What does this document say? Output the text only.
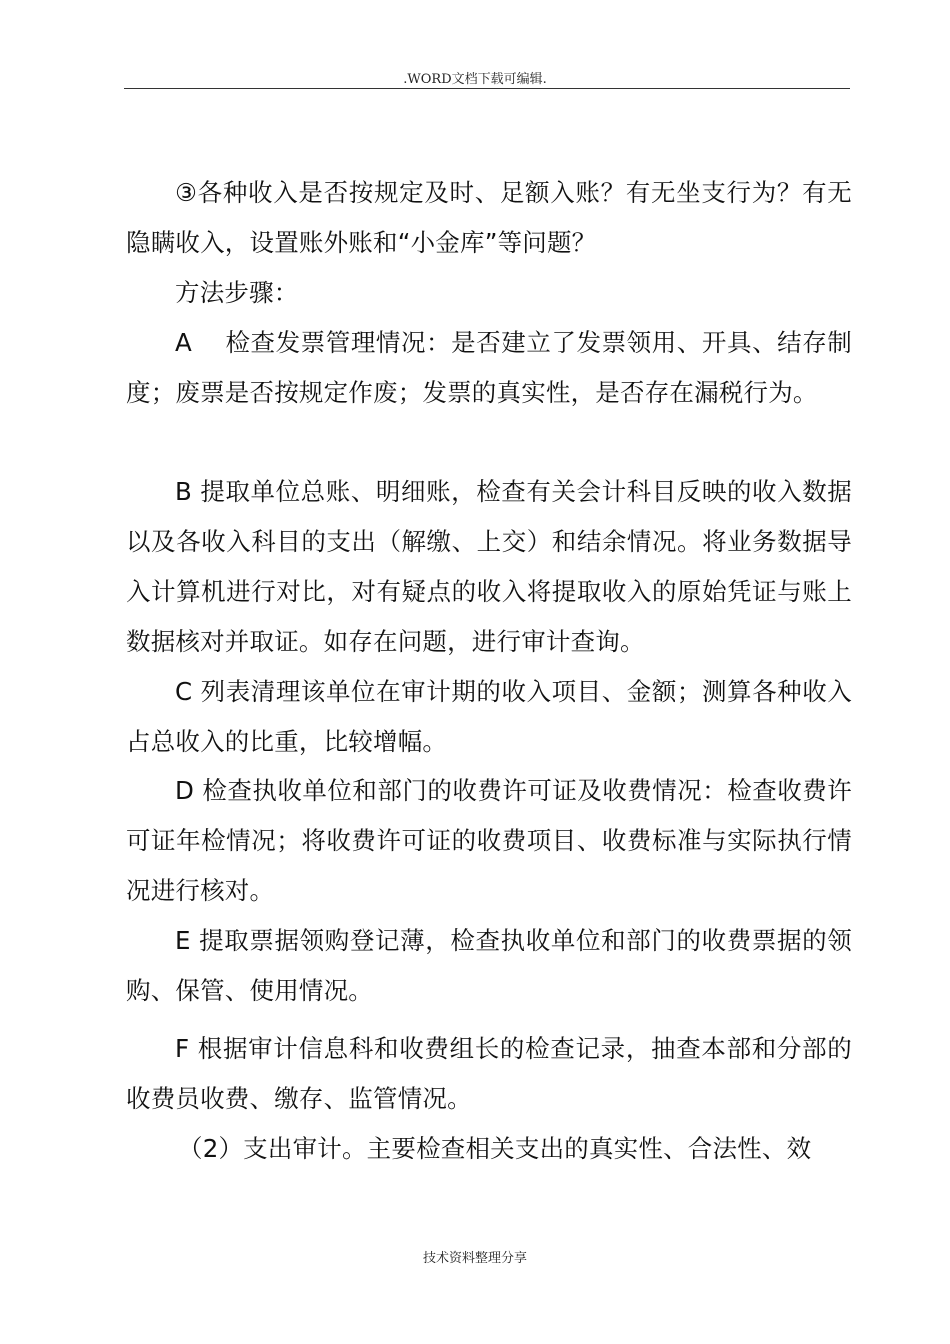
.WORD文档下载可编辑.

③各种收入是否按规定及时、足额入账？有无坐支行为？有无隐瞒收入，设置账外账和“小金库”等问题？

方法步骤：

A 检查发票管理情况：是否建立了发票领用、开具、结存制度；废票是否按规定作废；发票的真实性，是否存在漏税行为。

B 提取单位总账、明细账，检查有关会计科目反映的收入数据以及各收入科目的支出（解缴、上交）和结余情况。将业务数据导入计算机进行对比，对有疑点的收入将提取收入的原始凭证与账上数据核对并取证。如存在问题，进行审计查询。

C 列表清理该单位在审计期的收入项目、金额；测算各种收入占总收入的比重，比较增幅。

D 检查执收单位和部门的收费许可证及收费情况：检查收费许可证年检情况；将收费许可证的收费项目、收费标准与实际执行情况进行核对。

E 提取票据领购登记薄，检查执收单位和部门的收费票据的领购、保管、使用情况。

F 根据审计信息科和收费组长的检查记录，抽查本部和分部的收费员收费、缴存、监管情况。

（2）支出审计。主要检查相关支出的真实性、合法性、效

技术资料整理分享
